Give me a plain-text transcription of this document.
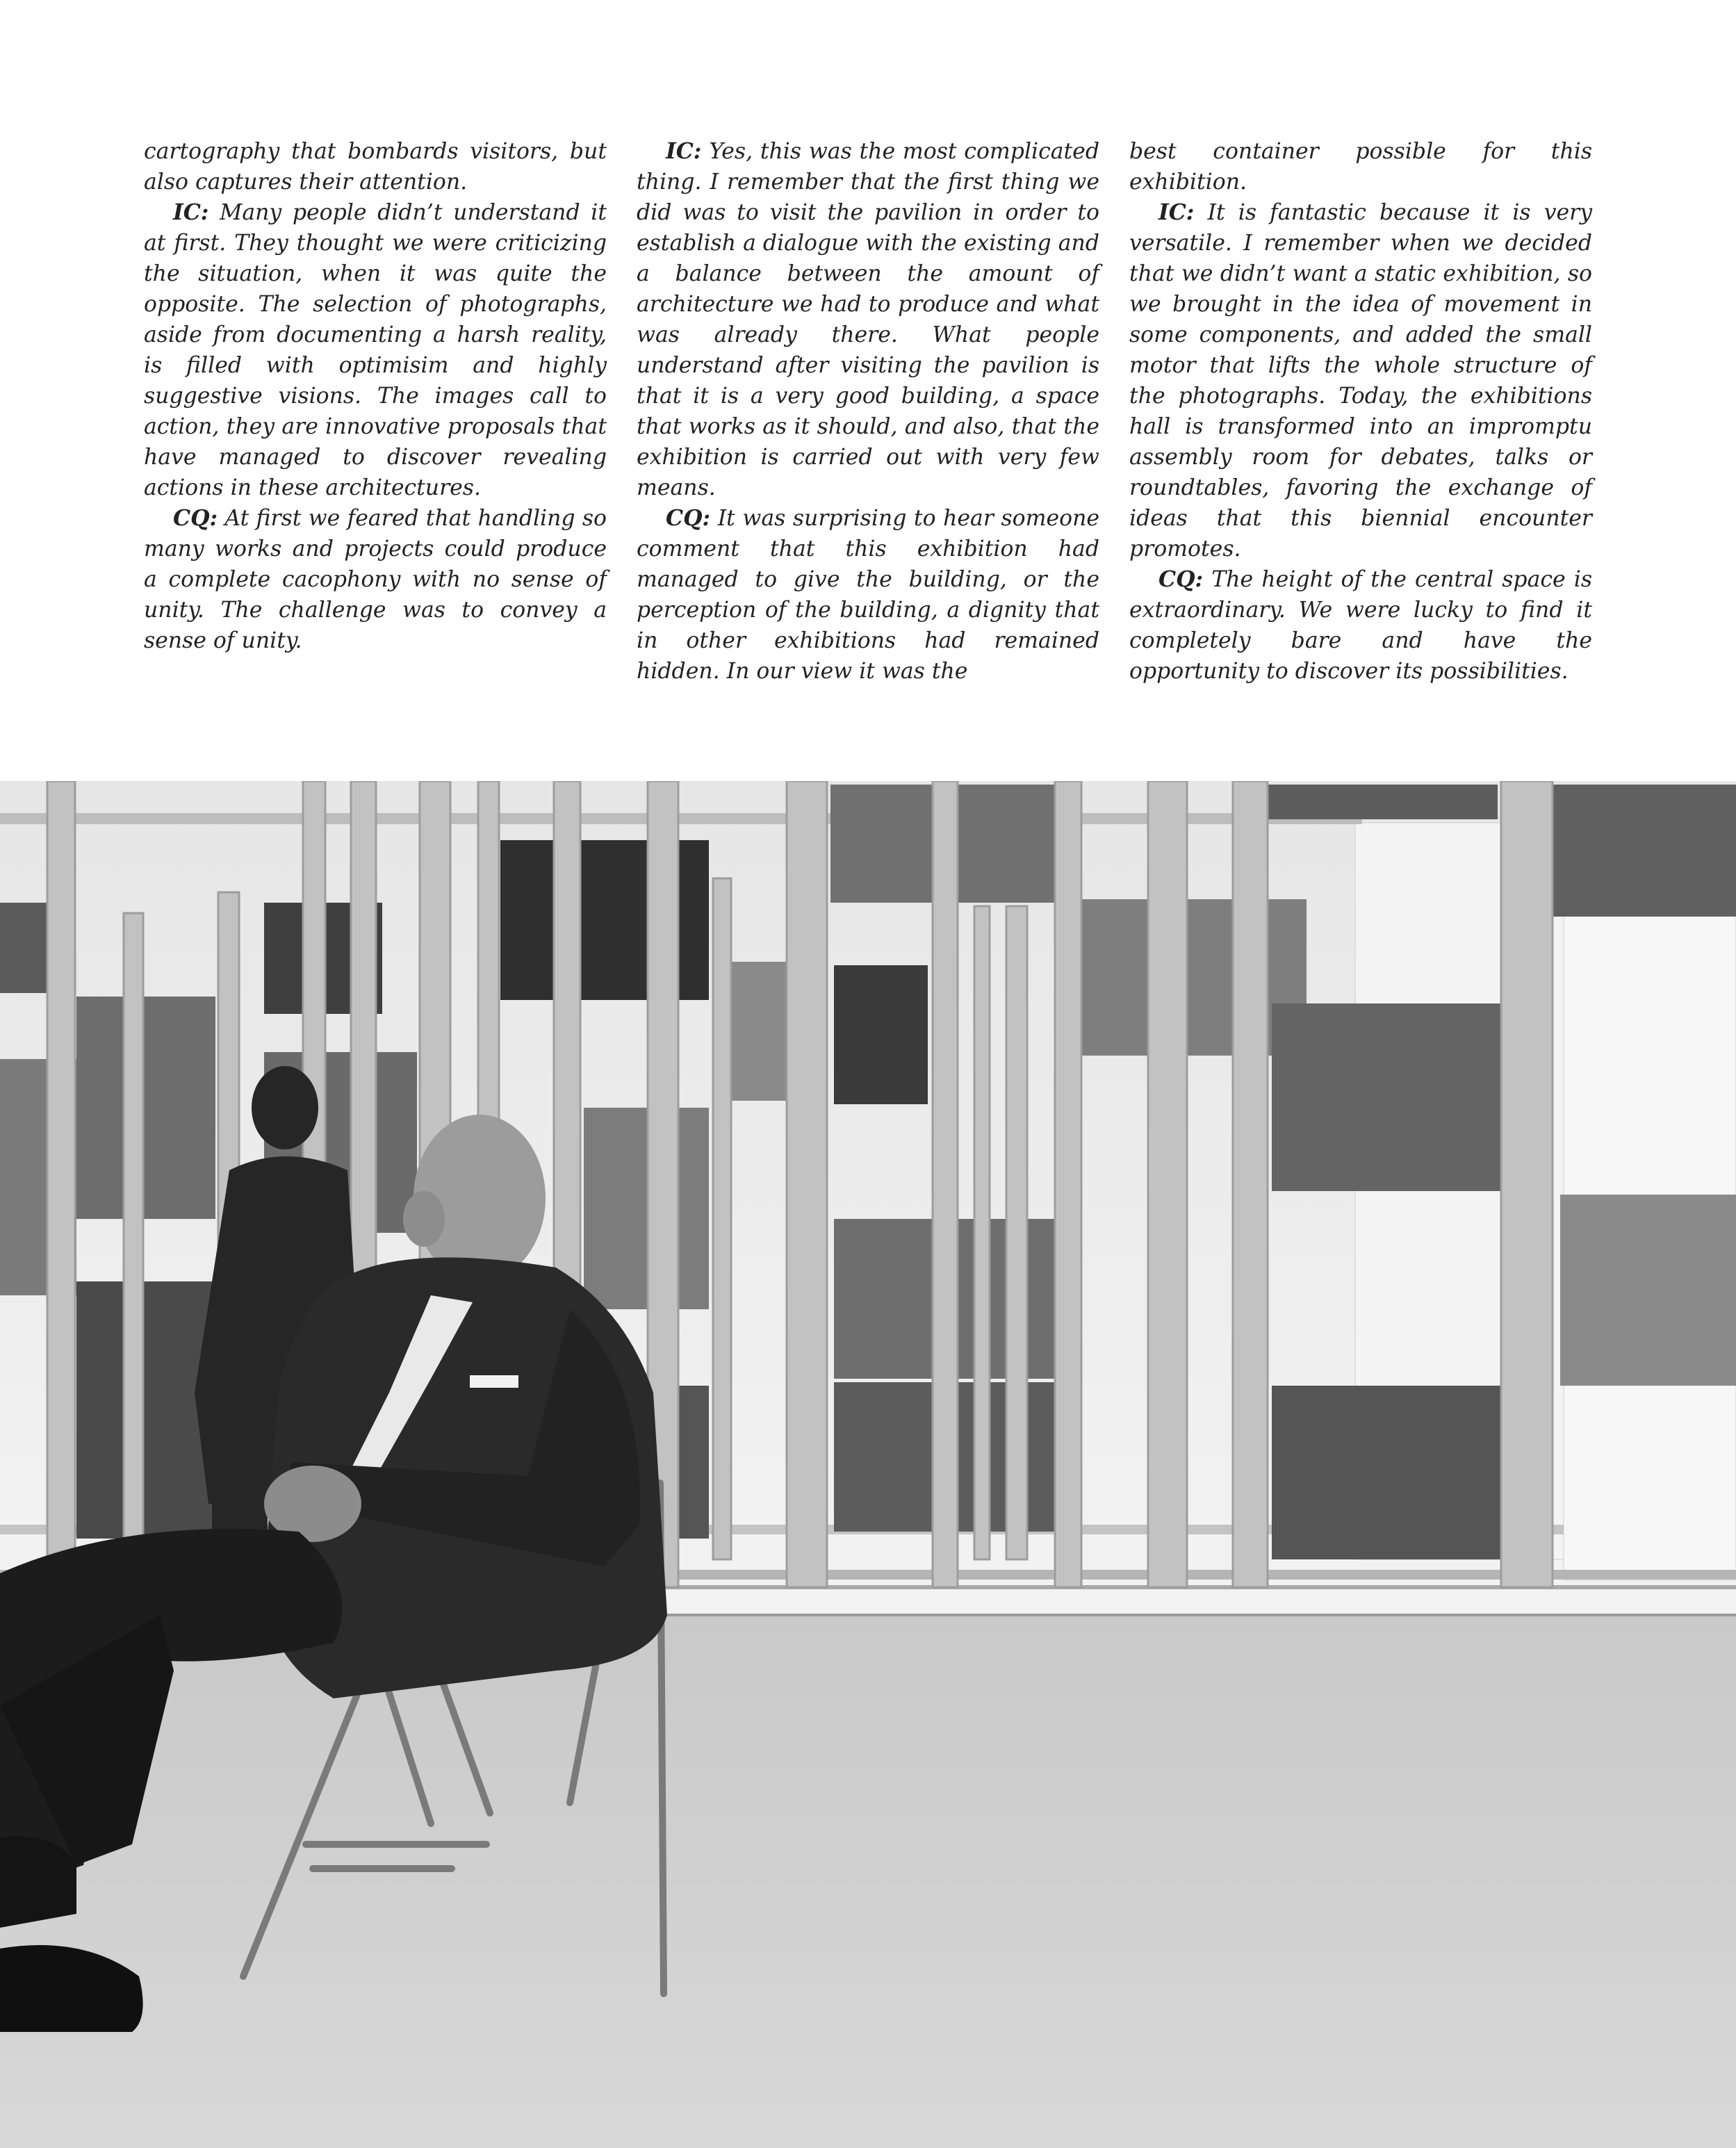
cartography that bombards visitors, but also captures their attention.

IC: Many people didn’t understand it at first. They thought we were criticizing the situation, when it was quite the opposite. The selection of photographs, aside from documenting a harsh reality, is filled with optimisim and highly suggestive visions. The images call to action, they are innovative proposals that have managed to discover revealing actions in these architectures.

CQ: At first we feared that handling so many works and projects could produce a complete cacophony with no sense of unity. The challenge was to convey a sense of unity.

IC: Yes, this was the most complicated thing. I remember that the first thing we did was to visit the pavilion in order to establish a dialogue with the existing and a balance between the amount of architecture we had to produce and what was already there. What people understand after visiting the pavilion is that it is a very good building, a space that works as it should, and also, that the exhibition is carried out with very few means.

CQ: It was surprising to hear someone comment that this exhibition had managed to give the building, or the perception of the building, a dignity that in other exhibitions had remained hidden. In our view it was the

best container possible for this exhibition.

IC: It is fantastic because it is very versatile. I remember when we decided that we didn’t want a static exhibition, so we brought in the idea of movement in some components, and added the small motor that lifts the whole structure of the photographs. Today, the exhibitions hall is transformed into an impromptu assembly room for debates, talks or roundtables, favoring the exchange of ideas that this biennial encounter promotes.

CQ: The height of the central space is extraordinary. We were lucky to find it completely bare and have the opportunity to discover its possibilities.
